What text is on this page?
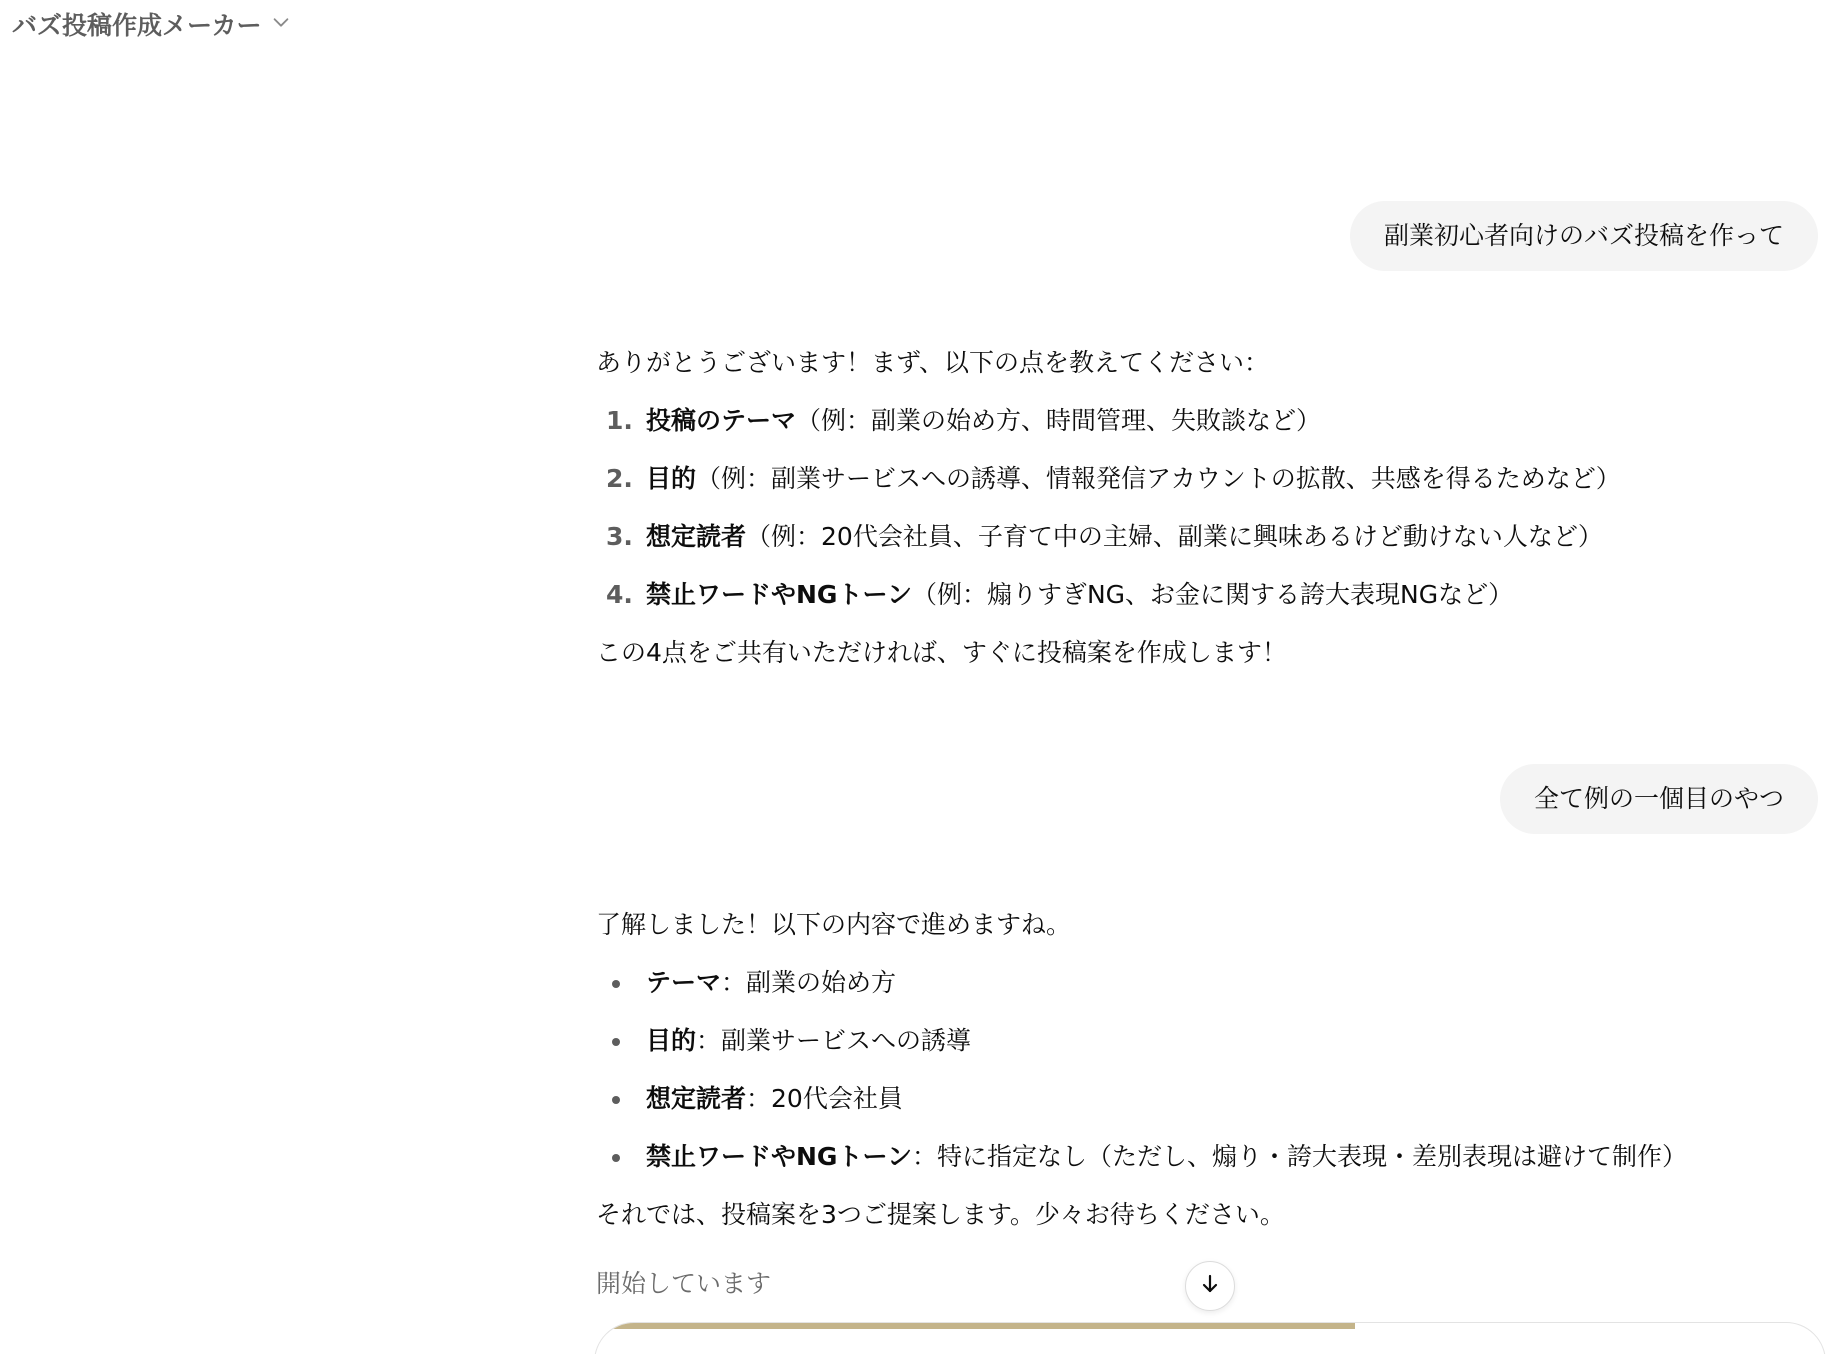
バズ投稿作成メーカー
副業初心者向けのバズ投稿を作って

ありがとうございます！まず、以下の点を教えてください：

1. 投稿のテーマ（例：副業の始め方、時間管理、失敗談など）
2. 目的（例：副業サービスへの誘導、情報発信アカウントの拡散、共感を得るためなど）
3. 想定読者（例：20代会社員、子育て中の主婦、副業に興味あるけど動けない人など）
4. 禁止ワードやNGトーン（例：煽りすぎNG、お金に関する誇大表現NGなど）

この4点をご共有いただければ、すぐに投稿案を作成します！

全て例の一個目のやつ

了解しました！以下の内容で進めますね。

テーマ：副業の始め方
目的：副業サービスへの誘導
想定読者：20代会社員
禁止ワードやNGトーン：特に指定なし（ただし、煽り・誇大表現・差別表現は避けて制作）

それでは、投稿案を3つご提案します。少々お待ちください。

開始しています
